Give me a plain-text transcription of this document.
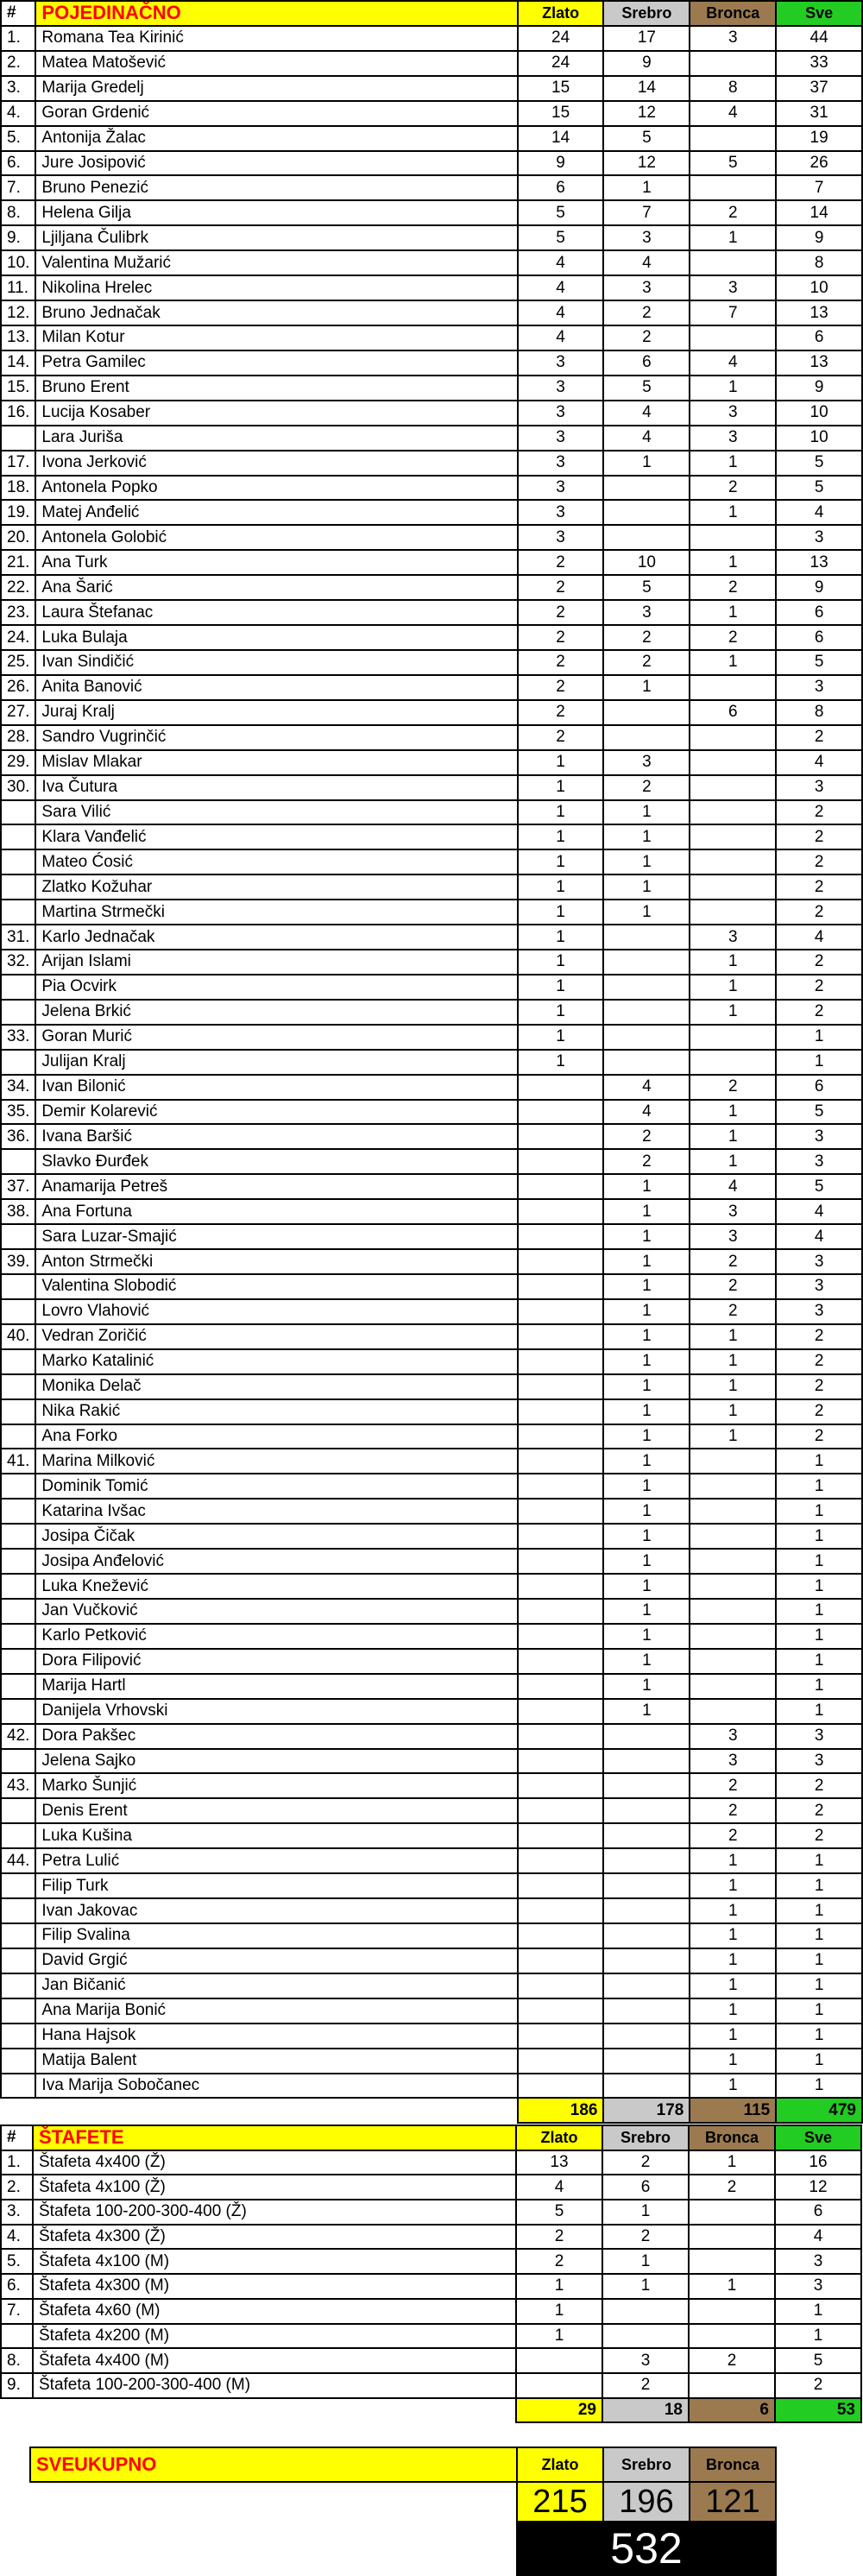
#	POJEDINAČNO	Zlato	Srebro	Bronca	Sve
1.	Romana Tea Kirinić	24	17	3	44
2.	Matea Matošević	24	9		33
3.	Marija Gredelj	15	14	8	37
4.	Goran Grdenić	15	12	4	31
5.	Antonija Žalac	14	5		19
6.	Jure Josipović	9	12	5	26
7.	Bruno Penezić	6	1		7
8.	Helena Gilja	5	7	2	14
9.	Ljiljana Čulibrk	5	3	1	9
10.	Valentina Mužarić	4	4		8
11.	Nikolina Hrelec	4	3	3	10
12.	Bruno Jednačak	4	2	7	13
13.	Milan Kotur	4	2		6
14.	Petra Gamilec	3	6	4	13
15.	Bruno Erent	3	5	1	9
16.	Lucija Kosaber	3	4	3	10
	Lara Juriša	3	4	3	10
17.	Ivona Jerković	3	1	1	5
18.	Antonela Popko	3		2	5
19.	Matej Anđelić	3		1	4
20.	Antonela Golobić	3			3
21.	Ana Turk	2	10	1	13
22.	Ana Šarić	2	5	2	9
23.	Laura Štefanac	2	3	1	6
24.	Luka Bulaja	2	2	2	6
25.	Ivan Sindičić	2	2	1	5
26.	Anita Banović	2	1		3
27.	Juraj Kralj	2		6	8
28.	Sandro Vugrinčić	2			2
29.	Mislav Mlakar	1	3		4
30.	Iva Čutura	1	2		3
	Sara Vilić	1	1		2
	Klara Vanđelić	1	1		2
	Mateo Ćosić	1	1		2
	Zlatko Kožuhar	1	1		2
	Martina Strmečki	1	1		2
31.	Karlo Jednačak	1		3	4
32.	Arijan Islami	1		1	2
	Pia Ocvirk	1		1	2
	Jelena Brkić	1		1	2
33.	Goran Murić	1			1
	Julijan Kralj	1			1
34.	Ivan Bilonić		4	2	6
35.	Demir Kolarević		4	1	5
36.	Ivana Baršić		2	1	3
	Slavko Đurđek		2	1	3
37.	Anamarija Petreš		1	4	5
38.	Ana Fortuna		1	3	4
	Sara Luzar-Smajić		1	3	4
39.	Anton Strmečki		1	2	3
	Valentina Slobodić		1	2	3
	Lovro Vlahović		1	2	3
40.	Vedran Zoričić		1	1	2
	Marko Katalinić		1	1	2
	Monika Delač		1	1	2
	Nika Rakić		1	1	2
	Ana Forko		1	1	2
41.	Marina Milković		1		1
	Dominik Tomić		1		1
	Katarina Ivšac		1		1
	Josipa Čičak		1		1
	Josipa Anđelović		1		1
	Luka Knežević		1		1
	Jan Vučković		1		1
	Karlo Petković		1		1
	Dora Filipović		1		1
	Marija Hartl		1		1
	Danijela Vrhovski		1		1
42.	Dora Pakšec			3	3
	Jelena Sajko			3	3
43.	Marko Šunjić			2	2
	Denis Erent			2	2
	Luka Kušina			2	2
44.	Petra Lulić			1	1
	Filip Turk			1	1
	Ivan Jakovac			1	1
	Filip Svalina			1	1
	David Grgić			1	1
	Jan Bičanić			1	1
	Ana Marija Bonić			1	1
	Hana Hajsok			1	1
	Matija Balent			1	1
	Iva Marija Sobočanec			1	1
		186	178	115	479
#	ŠTAFETE	Zlato	Srebro	Bronca	Sve
1.	Štafeta 4x400 (Ž)	13	2	1	16
2.	Štafeta 4x100 (Ž)	4	6	2	12
3.	Štafeta 100-200-300-400 (Ž)	5	1		6
4.	Štafeta 4x300 (Ž)	2	2		4
5.	Štafeta 4x100 (M)	2	1		3
6.	Štafeta 4x300 (M)	1	1	1	3
7.	Štafeta 4x60 (M)	1			1
	Štafeta 4x200 (M)	1			1
8.	Štafeta 4x400 (M)		3	2	5
9.	Štafeta 100-200-300-400 (M)		2		2
		29	18	6	53
SVEUKUPNO	Zlato	Srebro	Bronca
	215	196	121
	532		
